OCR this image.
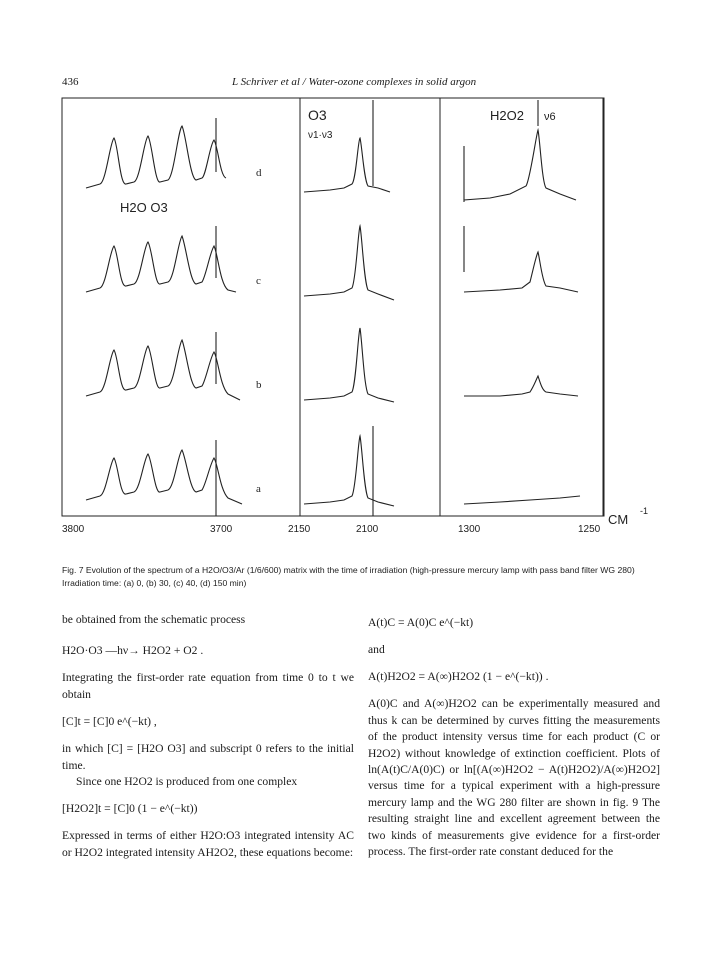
436	L Schriver et al / Water-ozone complexes in solid argon
3800	3700	2150	2100	1300	1250
CM
-1
H2O O3
O3
ν1·ν3
H2O2 ν6
d
c
b
a
Fig. 7 Evolution of the spectrum of a H2O/O3/Ar (1/6/600) matrix with the time of irradiation (high-pressure mercury lamp with pass band filter WG 280) Irradiation time: (a) 0, (b) 30, (c) 40, (d) 150 min)

be obtained from the schematic process

H2O·O3 —hν→ H2O2 + O2 .

Integrating the first-order rate equation from time 0 to t we obtain

[C]t = [C]0 e^(−kt) ,

in which [C] = [H2O O3] and subscript 0 refers to the initial time.

Since one H2O2 is produced from one complex

[H2O2]t = [C]0 (1 − e^(−kt))

Expressed in terms of either H2O:O3 integrated intensity AC or H2O2 integrated intensity AH2O2, these equations become:

A(t)C = A(0)C e^(−kt)

and

A(t)H2O2 = A(∞)H2O2 (1 − e^(−kt)) .

A(0)C and A(∞)H2O2 can be experimentally measured and thus k can be determined by curves fitting the measurements of the product intensity versus time for each product (C or H2O2) without knowledge of extinction coefficient. Plots of ln(A(t)C/A(0)C) or ln[(A(∞)H2O2 − A(t)H2O2)/A(∞)H2O2] versus time for a typical experiment with a high-pressure mercury lamp and the WG 280 filter are shown in fig. 9 The resulting straight line and excellent agreement between the two kinds of measurements give evidence for a first-order process. The first-order rate constant deduced for the
